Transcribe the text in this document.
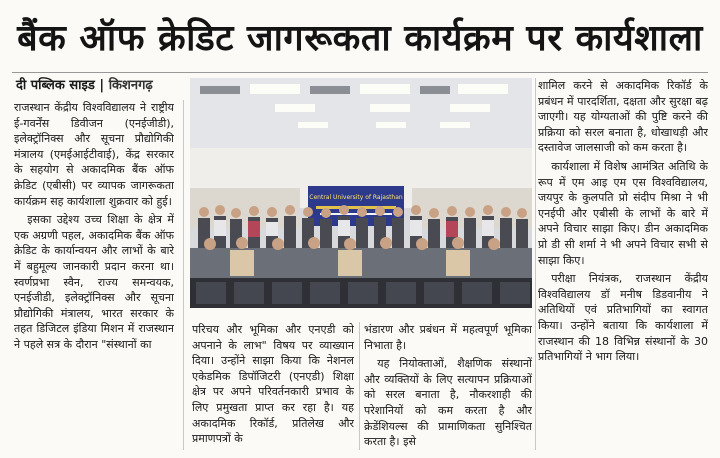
बैंक ऑफ क्रेडिट जागरूकता कार्यक्रम पर कार्यशाला
दी पब्लिक साइड | किशनगढ़

राजस्थान केंद्रीय विश्वविद्यालय ने राष्ट्रीय ई-गवर्नेंस डिवीजन (एनईजीडी), इलेक्ट्रॉनिक्स और सूचना प्रौद्योगिकी मंत्रालय (एमईआईटीवाई), केंद्र सरकार के सहयोग से अकादमिक बैंक ऑफ क्रेडिट (एबीसी) पर व्यापक जागरूकता कार्यक्रम सह कार्यशाला शुक्रवार को हुई।

इसका उद्देश्य उच्च शिक्षा के क्षेत्र में एक अग्रणी पहल, अकादमिक बैंक ऑफ क्रेडिट के कार्यान्वयन और लाभों के बारे में बहुमूल्य जानकारी प्रदान करना था। स्वर्णप्रभा स्वैन, राज्य समन्वयक, एनईजीडी, इलेक्ट्रॉनिक्स और सूचना प्रौद्योगिकी मंत्रालय, भारत सरकार के तहत डिजिटल इंडिया मिशन में राजस्थान ने पहले सत्र के दौरान "संस्थानों का

Central University of Rajasthan

परिचय और भूमिका और एनएडी को अपनाने के लाभ" विषय पर व्याख्यान दिया। उन्होंने साझा किया कि नेशनल एकेडमिक डिपॉजिटरी (एनएडी) शिक्षा क्षेत्र पर अपने परिवर्तनकारी प्रभाव के लिए प्रमुखता प्राप्त कर रहा है। यह अकादमिक रिकॉर्ड, प्रतिलेख और प्रमाणपत्रों के

भंडारण और प्रबंधन में महत्वपूर्ण भूमिका निभाता है।

यह नियोक्ताओं, शैक्षणिक संस्थानों और व्यक्तियों के लिए सत्यापन प्रक्रियाओं को सरल बनाता है, नौकरशाही की परेशानियों को कम करता है और क्रेडेंशियल्स की प्रामाणिकता सुनिश्चित करता है। इसे

शामिल करने से अकादमिक रिकॉर्ड के प्रबंधन में पारदर्शिता, दक्षता और सुरक्षा बढ़ जाएगी। यह योग्यताओं की पुष्टि करने की प्रक्रिया को सरल बनाता है, धोखाधड़ी और दस्तावेज जालसाजी को कम करता है।

कार्यशाला में विशेष आमंत्रित अतिथि के रूप में एम आइ एम एस विश्वविद्यालय, जयपुर के कुलपति प्रो संदीप मिश्रा ने भी एनईपी और एबीसी के लाभों के बारे में अपने विचार साझा किए। डीन अकादमिक प्रो डी सी शर्मा ने भी अपने विचार सभी से साझा किए।

परीक्षा नियंत्रक, राजस्थान केंद्रीय विश्वविद्यालय डॉ मनीष डिडवानीय ने अतिथियों एवं प्रतिभागियों का स्वागत किया। उन्होंने बताया कि कार्यशाला में राजस्थान की 18 विभिन्न संस्थानों के 30 प्रतिभागियों ने भाग लिया।
